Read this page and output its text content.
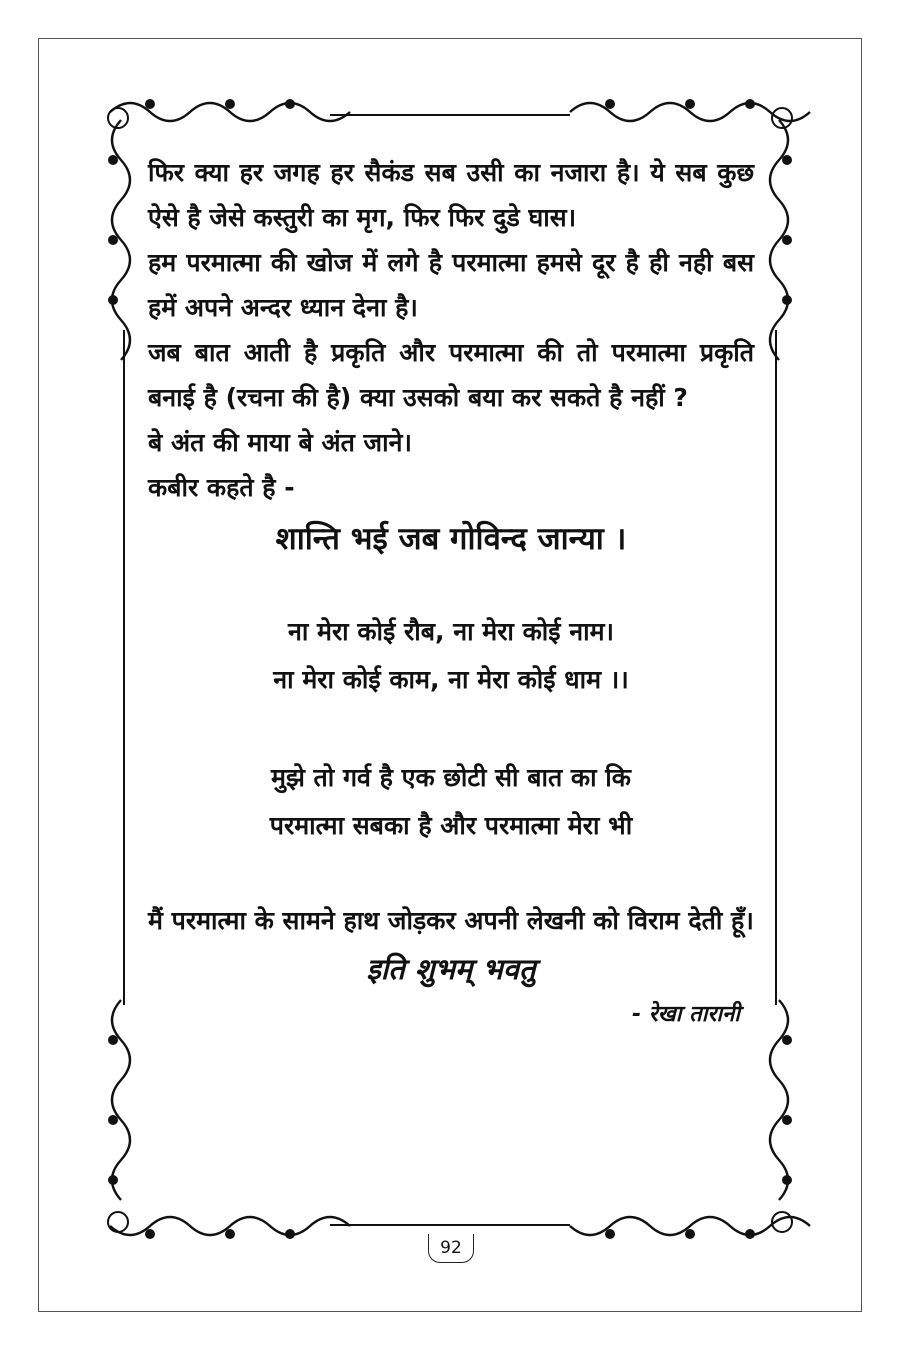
फिर क्या हर जगह हर सैकंड सब उसी का नजारा है। ये सब कुछ ऐसे है जेसे कस्तुरी का मृग, फिर फिर दुडे घास।

हम परमात्मा की खोज में लगे है परमात्मा हमसे दूर है ही नही बस हमें अपने अन्दर ध्यान देना है।

जब बात आती है प्रकृति और परमात्मा की तो परमात्मा प्रकृति बनाई है (रचना की है) क्या उसको बया कर सकते है नहीं ?

बे अंत की माया बे अंत जाने।

कबीर कहते है -

शान्ति भई जब गोविन्द जान्या ।

ना मेरा कोई रौब, ना मेरा कोई नाम।

ना मेरा कोई काम, ना मेरा कोई धाम ।।

मुझे तो गर्व है एक छोटी सी बात का कि

परमात्मा सबका है और परमात्मा मेरा भी

मैं परमात्मा के सामने हाथ जोड़कर अपनी लेखनी को विराम देती हूँ।

इति शुभम् भवतु

- रेखा तारानी

92
